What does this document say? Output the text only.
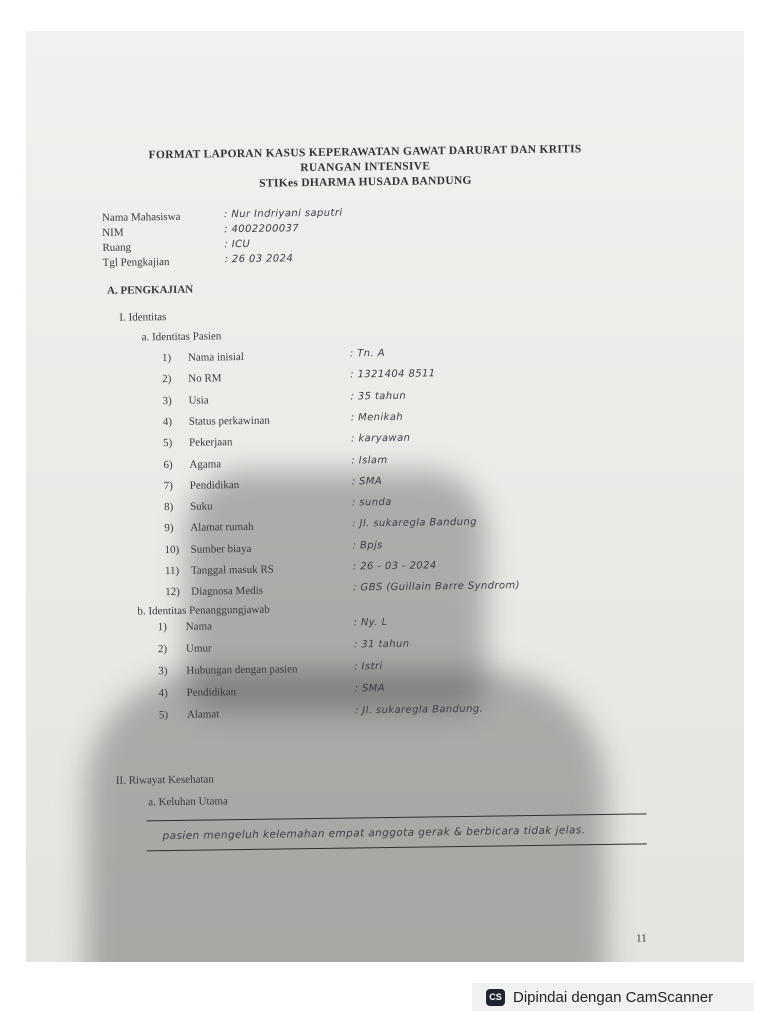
FORMAT LAPORAN KASUS KEPERAWATAN GAWAT DARURAT DAN KRITIS
RUANGAN INTENSIVE
STIKes DHARMA HUSADA BANDUNG
Nama Mahasiswa	: Nur Indriyani saputri
NIM	: 4002200037
Ruang	: ICU
Tgl Pengkajian	: 26 03 2024
A. PENGKAJIAN
I. Identitas
a. Identitas Pasien
1) Nama inisial	: Tn. A
2) No RM	: 1321404 8511
3) Usia	: 35 tahun
4) Status perkawinan	: Menikah
5) Pekerjaan	: karyawan
6) Agama	: Islam
7) Pendidikan	: SMA
8) Suku	: sunda
9) Alamat rumah	: Jl. sukaregla Bandung
10) Sumber biaya	: Bpjs
11) Tanggal masuk RS	: 26 - 03 - 2024
12) Diagnosa Medis	: GBS (Guillain Barre Syndrom)
b. Identitas Penanggungjawab
1) Nama	: Ny. L
2) Umur	: 31 tahun
3) Hubungan dengan pasien	: Istri
4) Pendidikan	: SMA
5) Alamat	: Jl. sukaregla Bandung.
II. Riwayat Kesehatan
a. Keluhan Utama
pasien mengeluh kelemahan empat anggota gerak & berbicara tidak jelas.
11
CS Dipindai dengan CamScanner
